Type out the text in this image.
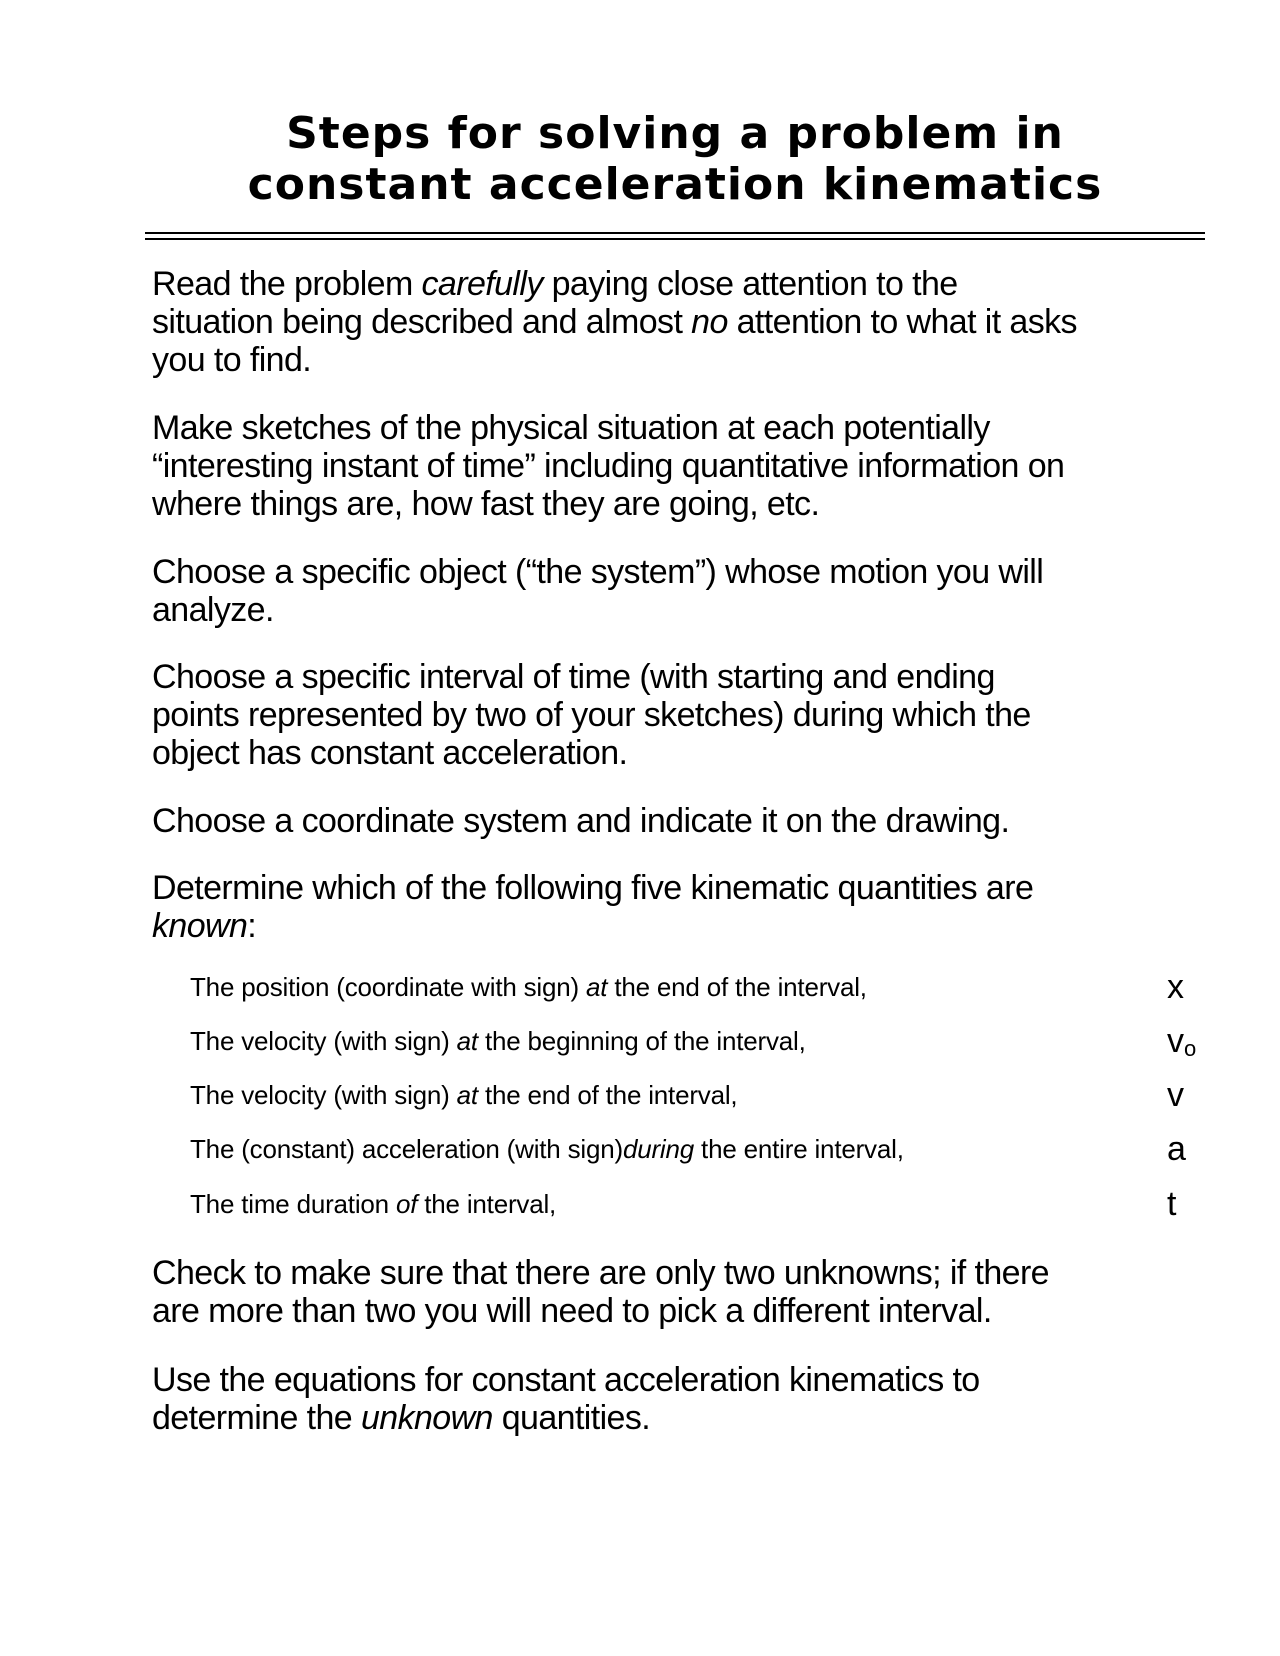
Steps for solving a problem in
constant acceleration kinematics

Read the problem carefully paying close attention to the
situation being described and almost no attention to what it asks
you to find.

Make sketches of the physical situation at each potentially
“interesting instant of time” including quantitative information on
where things are, how fast they are going, etc.

Choose a specific object (“the system”) whose motion you will
analyze.

Choose a specific interval of time (with starting and ending
points represented by two of your sketches) during which the
object has constant acceleration.

Choose a coordinate system and indicate it on the drawing.

Determine which of the following five kinematic quantities are
known:

The position (coordinate with sign) at the end of the interval,	x
The velocity (with sign) at the beginning of the interval,	$v_o$
The velocity (with sign) at the end of the interval,	v
The (constant) acceleration (with sign)during the entire interval,	a
The time duration of the interval,	t

Check to make sure that there are only two unknowns; if there
are more than two you will need to pick a different interval.

Use the equations for constant acceleration kinematics to
determine the unknown quantities.
